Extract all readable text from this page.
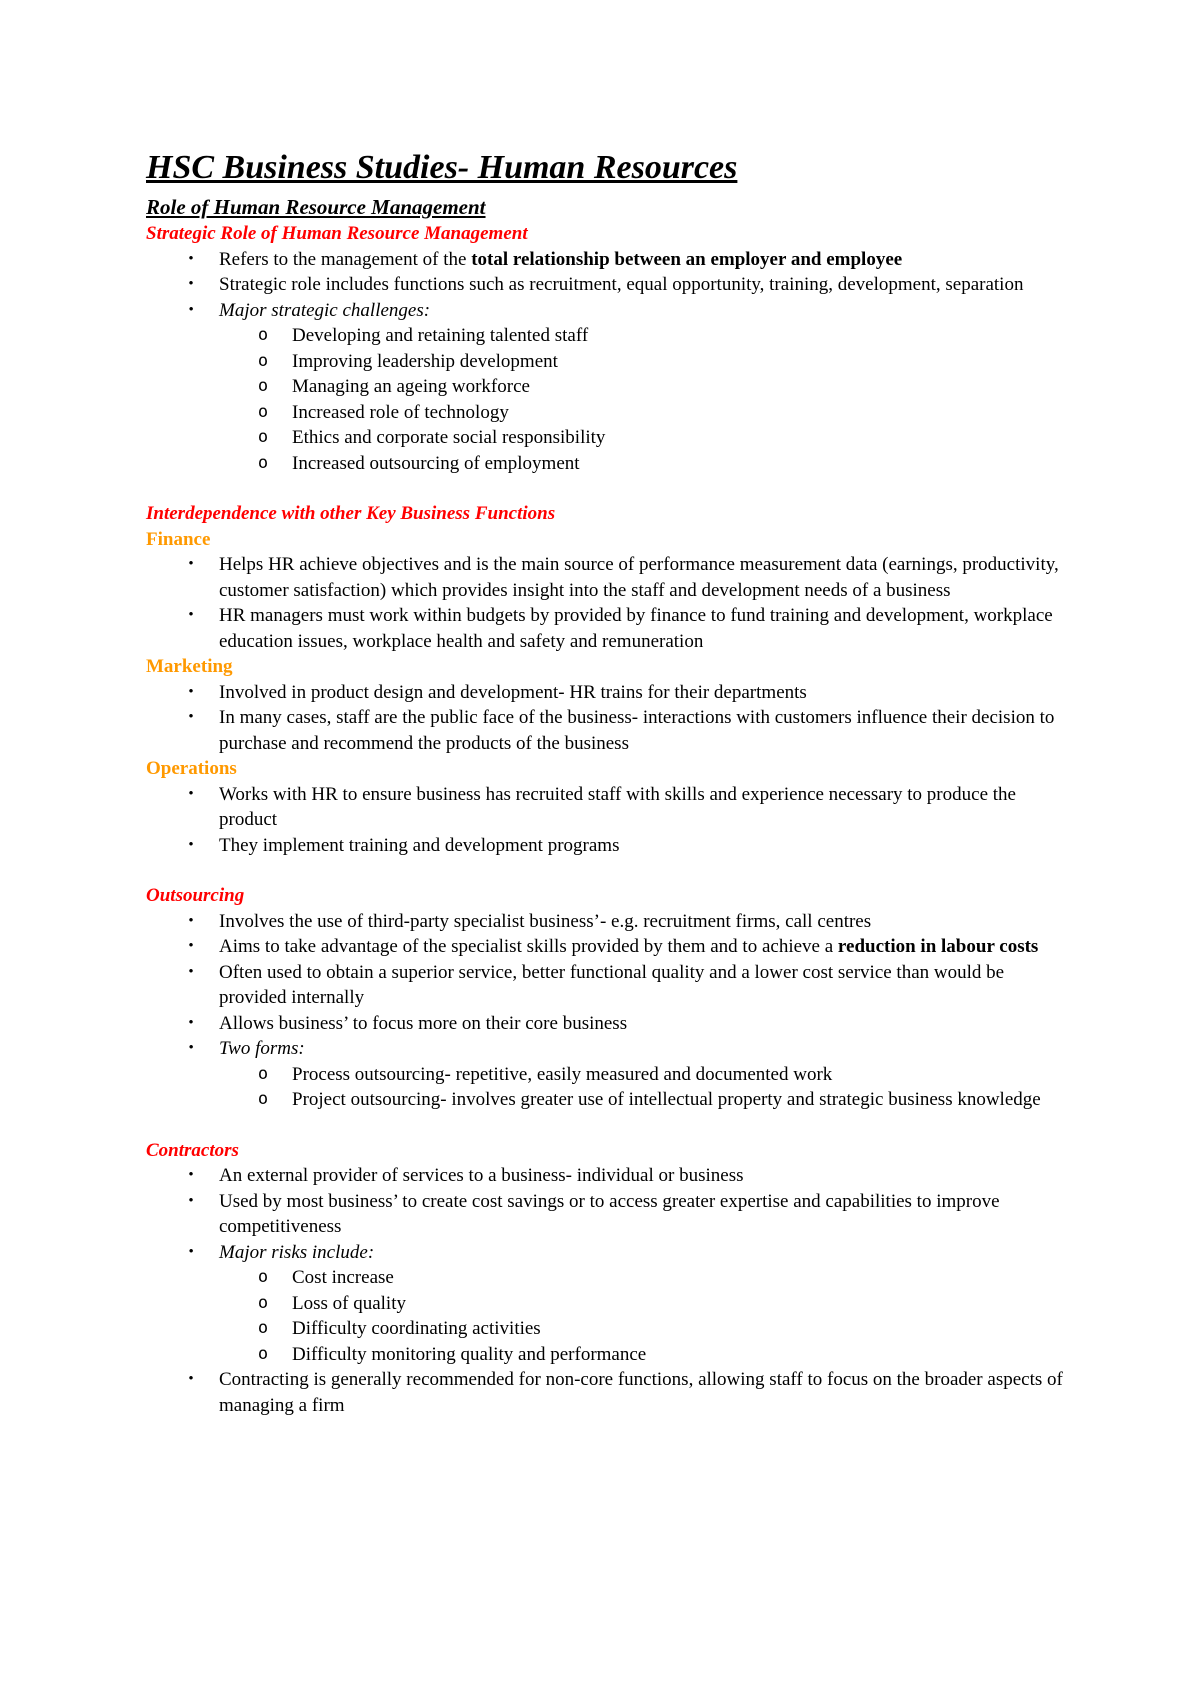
HSC Business Studies- Human Resources
Role of Human Resource Management
Strategic Role of Human Resource Management
• Refers to the management of the total relationship between an employer and employee
• Strategic role includes functions such as recruitment, equal opportunity, training, development, separation
• Major strategic challenges:
o Developing and retaining talented staff
o Improving leadership development
o Managing an ageing workforce
o Increased role of technology
o Ethics and corporate social responsibility
o Increased outsourcing of employment
Interdependence with other Key Business Functions
Finance
• Helps HR achieve objectives and is the main source of performance measurement data (earnings, productivity, customer satisfaction) which provides insight into the staff and development needs of a business
• HR managers must work within budgets by provided by finance to fund training and development, workplace education issues, workplace health and safety and remuneration
Marketing
• Involved in product design and development- HR trains for their departments
• In many cases, staff are the public face of the business- interactions with customers influence their decision to purchase and recommend the products of the business
Operations
• Works with HR to ensure business has recruited staff with skills and experience necessary to produce the product
• They implement training and development programs
Outsourcing
• Involves the use of third-party specialist business’- e.g. recruitment firms, call centres
• Aims to take advantage of the specialist skills provided by them and to achieve a reduction in labour costs
• Often used to obtain a superior service, better functional quality and a lower cost service than would be provided internally
• Allows business’ to focus more on their core business
• Two forms:
o Process outsourcing- repetitive, easily measured and documented work
o Project outsourcing- involves greater use of intellectual property and strategic business knowledge
Contractors
• An external provider of services to a business- individual or business
• Used by most business’ to create cost savings or to access greater expertise and capabilities to improve competitiveness
• Major risks include:
o Cost increase
o Loss of quality
o Difficulty coordinating activities
o Difficulty monitoring quality and performance
• Contracting is generally recommended for non-core functions, allowing staff to focus on the broader aspects of managing a firm
